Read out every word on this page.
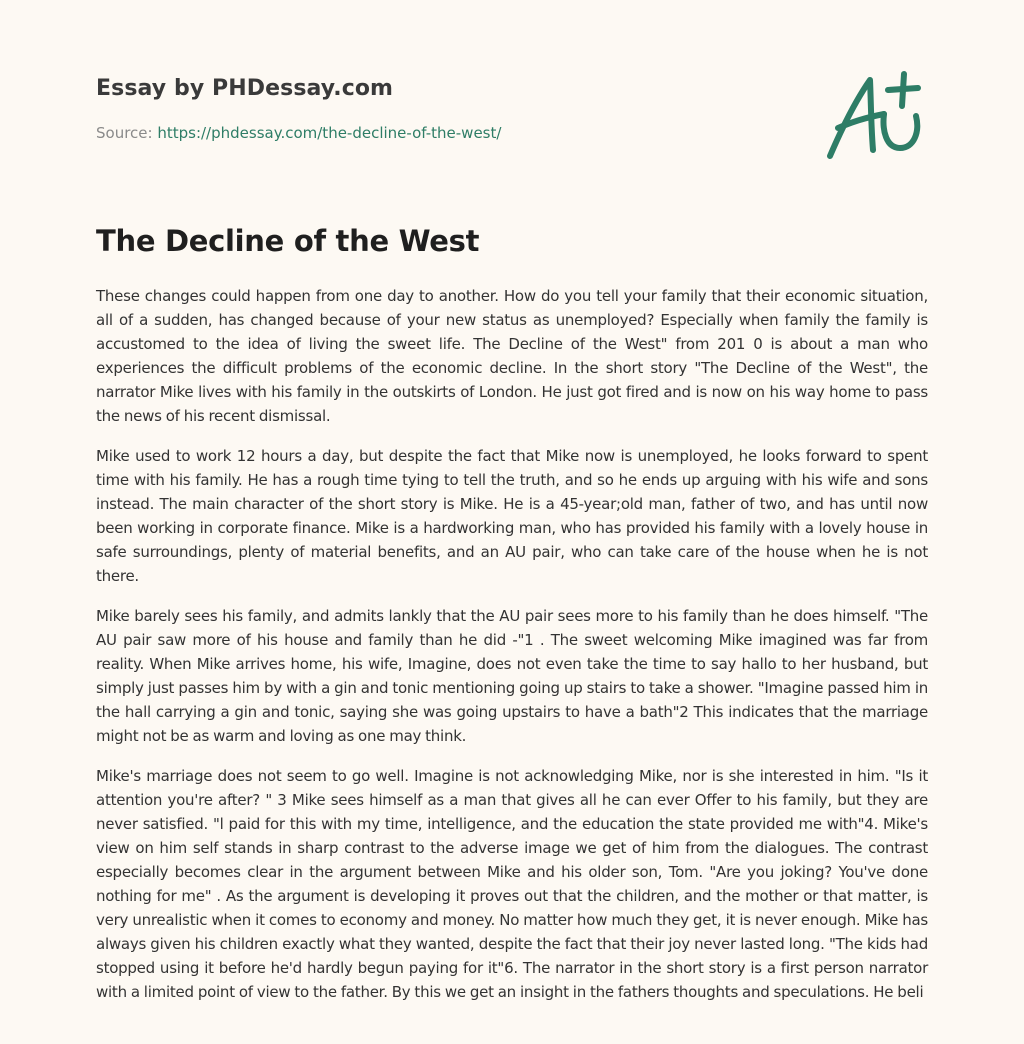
Essay by PHDessay.com
Source: https://phdessay.com/the-decline-of-the-west/
The Decline of the West

These changes could happen from one day to another. How do you tell your family that their economic situation, all of a sudden, has changed because of your new status as unemployed? Especially when family the family is accustomed to the idea of living the sweet life. The Decline of the West" from 201 0 is about a man who experiences the difficult problems of the economic decline. In the short story "The Decline of the West", the narrator Mike lives with his family in the outskirts of London. He just got fired and is now on his way home to pass the news of his recent dismissal.

Mike used to work 12 hours a day, but despite the fact that Mike now is unemployed, he looks forward to spent time with his family. He has a rough time tying to tell the truth, and so he ends up arguing with his wife and sons instead. The main character of the short story is Mike. He is a 45-year;old man, father of two, and has until now been working in corporate finance. Mike is a hardworking man, who has provided his family with a lovely house in safe surroundings, plenty of material benefits, and an AU pair, who can take care of the house when he is not there.

Mike barely sees his family, and admits lankly that the AU pair sees more to his family than he does himself. "The AU pair saw more of his house and family than he did -"1 . The sweet welcoming Mike imagined was far from reality. When Mike arrives home, his wife, Imagine, does not even take the time to say hallo to her husband, but simply just passes him by with a gin and tonic mentioning going up stairs to take a shower. "Imagine passed him in the hall carrying a gin and tonic, saying she was going upstairs to have a bath"2 This indicates that the marriage might not be as warm and loving as one may think.

Mike's marriage does not seem to go well. Imagine is not acknowledging Mike, nor is she interested in him. "Is it attention you're after? " 3 Mike sees himself as a man that gives all he can ever Offer to his family, but they are never satisfied. "l paid for this with my time, intelligence, and the education the state provided me with"4. Mike's view on him self stands in sharp contrast to the adverse image we get of him from the dialogues. The contrast especially becomes clear in the argument between Mike and his older son, Tom. "Are you joking? You've done nothing for me" . As the argument is developing it proves out that the children, and the mother or that matter, is very unrealistic when it comes to economy and money. No matter how much they get, it is never enough. Mike has always given his children exactly what they wanted, despite the fact that their joy never lasted long. "The kids had stopped using it before he'd hardly begun paying for it"6. The narrator in the short story is a first person narrator with a limited point of view to the father. By this we get an insight in the fathers thoughts and speculations. He beli
